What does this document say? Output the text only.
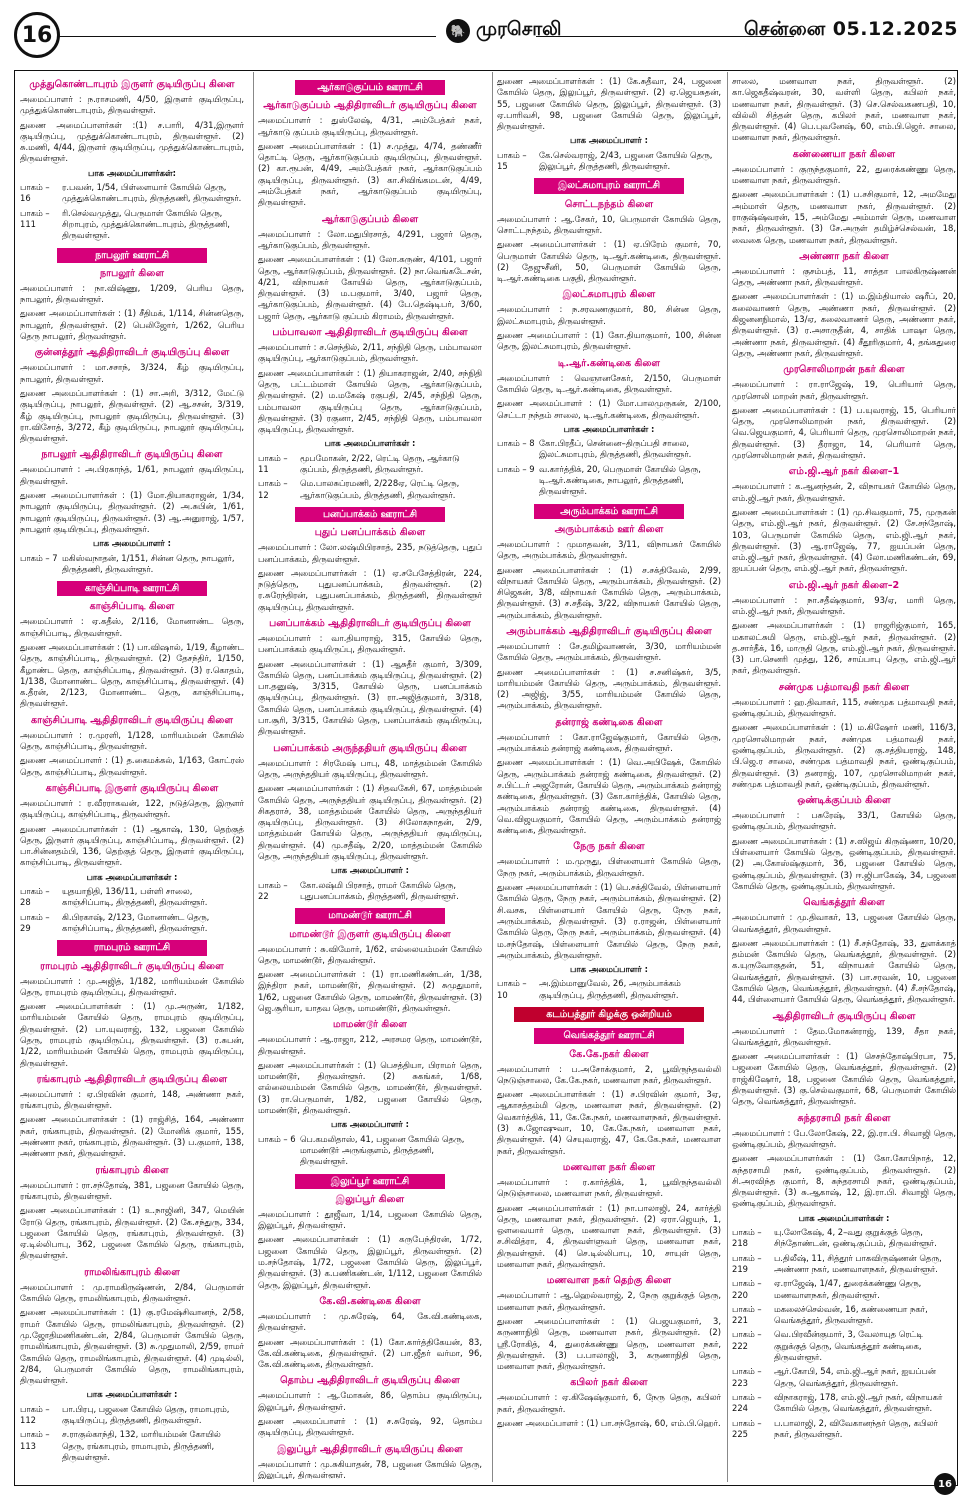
16	🐘 முரசொலி	சென்னை 05.12.2025
முத்துகொண்டாபுரம் இருளர் குடியிருப்பு கிளை

அமைப்பாளர் : ந.ராசமணி, 4/50, இருளர் குடியிருப்பு, முத்துக்கொண்டாபுரம், திருவள்ளூர்.

துணை அமைப்பாளர்கள் :(1) ச.பாரி, 4/31,இருளர் குடியிருப்பு, முத்துக்கொண்டாபுரம், திருவள்ளூர். (2) சு.மணி, 4/44, இருளர் குடியிருப்பு, முத்துக்கொண்டாபுரம், திருவள்ளூர்.

பாக அமைப்பாளர்கள்:
பாகம் – 16
ர.பவன், 1/54, பிள்ளையார் கோயில் தெரு, முத்துக்கொண்டாபுரம், திருத்தணி, திருவள்ளூர்.
பாகம் – 111
ரி.செல்வமுத்து, பெருமாள் கோயில் தெரு, சிறாபுரம், முத்துக்கொண்டாபுரம், திருத்தணி, திருவள்ளூர்.
நாபலூர் ஊராட்சி
நாபலூர் கிளை

அமைப்பாளர் : நா.விஷ்ணு, 1/209, பெரிய தெரு, நாபலூர், திருவள்ளூர்.

துணை அமைப்பாளர்கள் : (1) சீதிமக், 1/114, சின்னதெரு, நாபலூர், திருவள்ளூர். (2) பெலிஜோர், 1/262, பெரிய தெரு நாபலூர், திருவள்ளூர்.

குன்னத்தூர் ஆதிதிராவிடர் குடியிருப்பு கிளை

அமைப்பாளர் : மா.சசாந், 3/324, கீழ் குடியிருப்பு, நாபலூர், திருவள்ளூர்.

துணை அமைப்பாளர்கள் : (1) சா.அரி, 3/312, மேட்டு குடியிருப்பு, நாபலூர், திருவள்ளூர். (2) ஆ.சசன், 3/319, கீழ் குடியிருப்பு, நாபலூர் குடியிருப்பு, திருவள்ளூர். (3) ரா.விசோத், 3/272, கீழ் குடியிருப்பு, நாபலூர் குடியிருப்பு, திருவள்ளூர்.

நாபலூர் ஆதிதிராவிடர் குடியிருப்பு கிளை

அமைப்பாளர் : அ.பிரகாந்த், 1/61, நாபலூர் குடியிருப்பு, திருவள்ளூர்.

துணை அமைப்பாளர்கள் : (1) மோ.தியாகராஜன், 1/34, நாபலூர் குடியிருப்பு, திருவள்ளூர். (2) அ.சுபின், 1/61, நாபலூர் குடியிருப்பு, திருவள்ளூர். (3) ஆ.அனுராஜ், 1/57, நாபலூர் குடியிருப்பு, திருவள்ளூர்.

பாக அமைப்பாளர் :
பாகம் – 7 மகிஸ்வநாதன், 1/151, சின்ன தெரு, நாபலூர், திருத்தணி, திருவள்ளூர்.
காஞ்சிப்பாடி ஊராட்சி
காஞ்சிப்பாடி கிளை

அமைப்பாளர் : ஏ.கதீஸ், 2/116, மோனாண்ட தெரு, காஞ்சிப்பாடி, திருவள்ளூர்.

துணை அமைப்பாளர்கள் : (1) பா.விஷால், 1/19, கீழாண்ட தெரு, காஞ்சிப்பாடி, திருவள்ளூர். (2) தேசந்திர், 1/150, கீழாண்ட தெரு, காஞ்சிப்பாடி, திருவள்ளூர். (3) ர.கொதம், 1/138, மோனாண்ட தெரு, காஞ்சிப்பாடி, திருவள்ளூர். (4) க.தீரன், 2/123, மோனாண்ட தெரு, காஞ்சிப்பாடி, திருவள்ளூர்.

காஞ்சிப்பாடி ஆதிதிராவிடர் குடியிருப்பு கிளை

அமைப்பாளர் : ர.முரளி, 1/128, மாரியம்மன் கோயில் தெரு, காஞ்சிப்பாடி, திருவள்ளூர்.

துணை அமைப்பாளர் : (1) த.கைமக்கல், 1/163, கோட்ரஸ் தெரு, காஞ்சிப்பாடி, திருவள்ளூர்.

காஞ்சிப்பாடி இருளர் குடியிருப்பு கிளை

அமைப்பாளர் : ர.வீரராகவன், 122, நடுத்தெரு, இருளர் குடியிருப்பு, காஞ்சிப்பாடி, திருவள்ளூர்.

துணை அமைப்பாளர்கள் : (1) ஆகாஷ், 130, தெற்குத் தெரு, இருளர் குடியிருப்பு, காஞ்சிப்பாடி, திருவள்ளூர். (2) பா.சின்னதம்பி, 136, தெற்குத் தெரு, இருளர் குடியிருப்பு, காஞ்சிப்பாடி, திருவள்ளூர்.

பாக அமைப்பாளர்கள் :
பாகம் – 28
யுதயாநிதி, 136/11, பள்ளி சாலை, காஞ்சிப்பாடி, திருத்தணி, திருவள்ளூர்.
பாகம் – 29
கி.பிரகாஷ், 2/123, மோனாண்ட தெரு, காஞ்சிப்பாடி, திருத்தணி, திருவள்ளூர்.
ராமபுரம் ஊராட்சி
ராமபுரம் ஆதிதிராவிடர் குடியிருப்பு கிளை

அமைப்பாளர் : மு.அஜித், 1/182, மாரியம்மன் கோயில் தெரு, ராமபுரம் குடியிருப்பு, திருவள்ளூர்.

துணை அமைப்பாளர்கள் : (1) மு.அருண், 1/182, மாரியம்மன் கோயில் தெரு, ராமபுரம் குடியிருப்பு, திருவள்ளூர். (2) பா.யுவராஜ், 132, பஜனை கோயில் தெரு, ராமபுரம் குடியிருப்பு, திருவள்ளூர். (3) ர.சுபன், 1/22, மாரியம்மன் கோயில் தெரு, ராமபுரம் குடியிருப்பு, திருவள்ளூர்.

ரங்காபுரம் ஆதிதிராவிடர் குடியிருப்பு கிளை

அமைப்பாளர் : ஏ.பிரவின் குமார், 148, அண்ணா நகர், ரங்காபுரம், திருவள்ளூர்.

துணை அமைப்பாளர்கள் : (1) ராஜ்சித், 164, அண்ணா நகர், ரங்காபுரம், திருவள்ளூர். (2) மோனிக் குமார், 155, அண்ணா நகர், ரங்காபுரம், திருவள்ளூர். (3) ப.குமார், 138, அண்ணா நகர், திருவள்ளூர்.

ரங்காபுரம் கிளை

அமைப்பாளர் : ரா.சந்தோஷ், 381, பஜனை கோயில் தெரு, ரங்காபுரம், திருவள்ளூர்.

துணை அமைப்பாளர்கள் : (1) உ.நாஜினி, 347, மெயின் ரோடு தெரு, ரங்காபுரம், திருவள்ளூர். (2) கே.சந்துரு, 334, பஜனை கோயில் தெரு, ரங்காபுரம், திருவள்ளூர். (3) ஏ.டில்லிபாபு, 362, பஜனை கோயில் தெரு, ரங்காபுரம், திருவள்ளூர்.

ராமலிங்காபுரம் கிளை

அமைப்பாளர் : மு.ராமகிருஷ்ணன், 2/84, பெருமாள் கோயில் தெரு, ராமலிங்காபுரம், திருவள்ளூர்.

துணை அமைப்பாளர்கள் : (1) கு.ரமேஷ்சிவானந், 2/58, ராமர் கோயில் தெரு, ராமலிங்காபுரம், திருவள்ளூர். (2) மு.ஜோதிமணிகண்டன், 2/84, பெருமாள் கோயில் தெரு, ராமலிங்காபுரம், திருவள்ளூர். (3) சு.முதுமாலி, 2/59, ராமர் கோயில் தெரு, ராமலிங்காபுரம், திருவள்ளூர். (4) முடில்லி, 2/84, பெருமாள் கோயில் தெரு, ராமலிங்காபுரம், திருவள்ளூர்.

பாக அமைப்பாளர்கள் :
பாகம் – 112
பா.பிரபு, பஜனை கோயில் தெரு, ராமாபுரம், குடியிருப்பு, திருத்தணி, திருவள்ளூர்.
பாகம் – 113
ச.ராகுல்காந்தி, 132, மாரியம்மன் கோயில் தெரு, ரங்காபுரம், ராமாபுரம், திருத்தணி, திருவள்ளூர்.
ஆர்காடுகுப்பம் ஊராட்சி
ஆர்காடுகுப்பம் ஆதிதிராவிடர் குடியிருப்பு கிளை

அமைப்பாளர் : துஸ்லேஷ், 4/31, அம்பேத்கர் நகர், ஆர்காடு குப்பம் குடியிருப்பு, திருவள்ளூர்.

துணை அமைப்பாளர்கள் : (1) ச.முத்து, 4/74, தண்ணீர் தொட்டி தெரு, ஆர்காடுகுப்பம் குடியிருப்பு, திருவள்ளூர். (2) கா.ரூபன், 4/49, அம்பேத்கர் நகர், ஆர்காடுகுப்பம் குடியிருப்பு, திருவள்ளூர். (3) கா.சிவிங்கமடன், 4/49, அம்பேத்கர் நகர், ஆர்காடுகுப்பம் குடியிருப்பு, திருவள்ளூர்.

ஆர்காடுகுப்பம் கிளை

அமைப்பாளர் : லோ.மதுபிரசாத், 4/291, பஜார் தெரு, ஆர்காடுகுப்பம், திருவள்ளூர்.

துணை அமைப்பாளர்கள் : (1) லோ.கருண், 4/101, பஜார் தெரு, ஆர்காடுகுப்பம், திருவள்ளூர். (2) நா.வெங்கடேசன், 4/21, விநாயகர் கோயில் தெரு, ஆர்காடுகுப்பம், திருவள்ளூர். (3) ம.பகுமார், 3/40, பஜார் தெரு, ஆர்காடுகுப்பம், திருவள்ளூர். (4) பே.தெஷ்டிபர், 3/60, பஜார் தெரு, ஆர்காடு குப்பம் கிராமம், திருவள்ளூர்.

பம்பாவலா ஆதிதிராவிடர் குடியிருப்பு கிளை

அமைப்பாளர் : ச.செந்தில், 2/11, சந்நிதி தெரு, பம்பாவலா குடியிருப்பு, ஆர்காடுகுப்பம், திருவள்ளூர்.

துணை அமைப்பாளர்கள் : (1) தியாகராஜன், 2/40, சந்நிதி தெரு, பட்டம்மாள் கோயில் தெரு, ஆர்காடுகுப்பம், திருவள்ளூர். (2) ம.மகேஷ் ரகுபதி, 2/45, சந்நிதி தெரு, பம்பாவலா குடியிருப்பு தெரு, ஆர்காடுகுப்பம், திருவள்ளூர். (3) ரகுனா, 2/45, சந்நிதி தெரு, பம்பாவலா குடியிருப்பு, திருவள்ளூர்.

பாக அமைப்பாளர்கள் :
பாகம் – 11
மூபமோகன், 2/22, ரெட்டி தெரு, ஆர்காடு குப்பம், திருத்தணி, திருவள்ளூர்.
பாகம் – 12
மெ.பாலசுப்ரமணி, 2/228ஏ, ரெட்டி தெரு, ஆர்காடுகுப்பம், திருத்தணி, திருவள்ளூர்.
பனப்பாக்கம் ஊராட்சி
புதுப் பனப்பாக்கம் கிளை

அமைப்பாளர் : லோ.லஷ்மிபிரசாத், 235, நடுத்தெரு, புதுப் பனப்பாக்கம், திருவள்ளூர்.

துணை அமைப்பாளர்கள் : (1) ஏ.சபேசேத்திரன், 224, நடுத்தெரு, புதுபனப்பாக்கம், திருவள்ளூர். (2) ர.சுரேந்திரன், புதுபனப்பாக்கம், திருத்தணி, திருவள்ளூர் குடியிருப்பு, திருவள்ளூர்.

பனப்பாக்கம் ஆதிதிராவிடர் குடியிருப்பு கிளை

அமைப்பாளர் : வா.தியாராஜ், 315, கோயில் தெரு, பனப்பாக்கம் குடியிருப்பு, திருவள்ளூர்.

துணை அமைப்பாளர்கள் : (1) ஆசுதீர் குமார், 3/309, கோயில் தெரு, பனப்பாக்கம் குடியிருப்பு, திருவள்ளூர். (2) பா.தனுஷ், 3/315, கோயில் தெரு, பனப்பாக்கம் குடியிருப்பு, திருவள்ளூர். (3) ரா.அஜித்குமார், 3/318, கோயில் தெரு, பனப்பாக்கம் குடியிருப்பு, திருவள்ளூர். (4) பா.சூரி, 3/315, கோயில் தெரு, பனப்பாக்கம் குடியிருப்பு, திருவள்ளூர்.

பனப்பாக்கம் அருந்ததியர் குடியிருப்பு கிளை

அமைப்பாளர் : சிரமேஷ் பாபு, 48, மாத்தம்மன் கோயில் தெரு, அருந்ததியர் குடியிருப்பு, திருவள்ளூர்.

துணை அமைப்பாளர்கள் : (1) சிதவகேசி, 67, மாத்தம்மன் கோயில் தெரு, அருந்ததியர் குடியிருப்பு, திருவள்ளூர். (2) சிகதராச், 38, மாத்தம்மன் கோயில் தெரு, அருந்ததியர் குடியிருப்பு, திருவள்ளூர். (3) சிலோகநாதன், 2/9, மாத்தம்மன் கோயில் தெரு, அருந்ததியர் குடியிருப்பு, திருவள்ளூர். (4) மு.சதீஷ், 2/20, மாத்தம்மன் கோயில் தெரு, அருந்ததியர் குடியிருப்பு, திருவள்ளூர்.

பாக அமைப்பாளர் :
பாகம் – 22
கோ.லஷ்மி பிரசாத், ராமர் கோயில் தெரு, புதுபனப்பாக்கம், திருத்தணி, திருவள்ளூர்.
மாமண்டூர் ஊராட்சி
மாமண்டூர் இருளர் குடியிருப்பு கிளை

அமைப்பாளர் : சு.விமோர், 1/62, எல்லையம்மன் கோயில் தெரு, மாமண்டூர், திருவள்ளூர்.

துணை அமைப்பாளர்கள் : (1) ரா.மணிகண்டன், 1/38, இந்திரா நகர், மாமண்டூர், திருவள்ளூர். (2) சுமுதுமார், 1/62, பஜனை கோயில் தெரு, மாமண்டூர், திருவள்ளூர். (3) ஜெ.சூரியா, யாதவ தெரு, மாமண்டூர், திருவள்ளூர்.

மாமண்டூர் கிளை

அமைப்பாளர் : ஆ.ராஜா, 212, அரசமர தெரு, மாமண்டூர், திருவள்ளூர்.

துணை அமைப்பாளர்கள் : (1) பெசத்தியா, பிராமர் தெரு, மாமண்டூர், திருவள்ளூர். (2) சுகங்கர், 1/68, எல்லையம்மன் கோயில் தெரு, மாமண்டூர், திருவள்ளூர். (3) ரா.பெருமாள், 1/82, பஜனை கோயில் தெரு, மாமண்டூர், திருவள்ளூர்.

பாக அமைப்பாளர் :
பாகம் – 6 பெ.கமலிதாஸ், 41, பஜனை கோயில் தெரு, மாமண்டூர் அருங்குளம், திருத்தணி, திருவள்ளூர்.
இலுப்பூர் ஊராட்சி
இலுப்பூர் கிளை

அமைப்பாளர் : தூஜீவா, 1/14, பஜனை கோயில் தெரு, இலுப்பூர், திருவள்ளூர்.

துணை அமைப்பாளர்கள் : (1) கருபேந்திரன், 1/72, பஜனை கோயில் தெரு, இலுப்பூர், திருவள்ளூர். (2) ம.சந்தோஷ், 1/72, பஜனை கோயில் தெரு, இலுப்பூர், திருவள்ளூர். (3) க.பணிகண்டன், 1/112, பஜனை கோயில் தெரு, இலுப்பூர், திருவள்ளூர்.

கே.வி.கண்டிகை கிளை

அமைப்பாளர் : மு.சுரேஷ், 64, கே.வி.கண்டிகை, திருவள்ளூர்.

துணை அமைப்பாளர்கள் : (1) கோ.கார்த்திகேயன், 83, கே.வி.கண்டிகை, திருவள்ளூர். (2) பா.ஜீதர் வர்மா, 96, கே.வி.கண்டிகை, திருவள்ளூர்.

தொம்ப ஆதிதிராவிடர் குடியிருப்பு கிளை

அமைப்பாளர் : ஆ.மோகன், 86, தொம்ப குடியிருப்பு, இலுப்பூர், திருவள்ளூர்.

துணை அமைப்பாளர் : (1) ச.சுரேஷ், 92, தொம்ப குடியிருப்பு, திருவள்ளூர்.

இலுப்பூர் ஆதிதிராவிடர் குடியிருப்பு கிளை

அமைப்பாளர் : மு.சுகியாதன், 78, பஜனை கோயில் தெரு, இலுப்பூர், திருவள்ளூர்.

துணை அமைப்பாளர்கள் : (1) கே.சுதீவா, 24, பஜனை கோயில் தெரு, இலுப்பூர், திருவள்ளூர். (2) ஏ.ஜெயசுதன், 55, பஜனை கோயில் தெரு, இலுப்பூர், திருவள்ளூர். (3) ஏ.பாரிவசி, 98, பஜனை கோயில் தெரு, இலுப்பூர், திருவள்ளூர்.

பாக அமைப்பாளர் :
பாகம் – 15
கே.செல்வராஜ், 2/43, பஜனை கோயில் தெரு, இலுப்பூர், திருத்தணி, திருவள்ளூர்.
இலட்சுமாபுரம் ஊராட்சி
சொட்டநந்தம் கிளை

அமைப்பாளர் : ஆ.சேகர், 10, பெருமாள் கோயில் தெரு, சொட்டநந்தம், திருவள்ளூர்.

துணை அமைப்பாளர்கள் : (1) ஏ.பிரேம் குமார், 70, பெருமாள் கோயில் தெரு, டி.ஆர்.கண்டிகை, திருவள்ளூர். (2) தேஜுசீனி, 50, பெருமாள் கோயில் தெரு, டி.ஆர்.கண்டிகை பகுதி, திருவள்ளூர்.

இலட்சுமாபுரம் கிளை

அமைப்பாளர் : ந.சரவணகுமார், 80, சின்ன தெரு, இலட்சுமாபுரம், திருவள்ளூர்.

துணை அமைப்பாளர் : (1) கோ.தியாகுமார், 100, சின்ன தெரு, இலட்சுமாபுரம், திருவள்ளூர்.

டி.ஆர்.கண்டிகை கிளை

அமைப்பாளர் : வெஞானசேகர், 2/150, பெருமாள் கோயில் தெரு, டி.ஆர்.கண்டிகை, திருவள்ளூர்.

துணை அமைப்பாளர் : (1) மோ.பாலமுருகன், 2/100, செட்டா நந்தம் சாலை, டி.ஆர்.கண்டிகை, திருவள்ளூர்.

பாக அமைப்பாளர்கள் :
பாகம் – 8 கோ.பிரதீப், சென்னை–திருப்பதி சாலை, இலட்சுமாபுரம், திருத்தணி, திருவள்ளூர்.
பாகம் – 9 வ.கார்த்திக், 20, பெருமாள் கோயில் தெரு, டி.ஆர்.கண்டிகை, நாபலூர், திருத்தணி, திருவள்ளூர்.
அரும்பாக்கம் ஊராட்சி
அரும்பாக்கம் ஊர் கிளை

அமைப்பாளர் : முமாதவன், 3/11, விநாயகர் கோயில் தெரு, அரும்பாக்கம், திருவள்ளூர்.

துணை அமைப்பாளர்கள் : (1) ச.சக்திவேல், 2/99, விநாயகர் கோயில் தெரு, அரும்பாக்கம், திருவள்ளூர். (2) சிஜெகன், 3/8, விநாயகர் கோயில் தெரு, அரும்பாக்கம், திருவள்ளூர். (3) ச.சதீஷ், 3/22, விநாயகர் கோயில் தெரு, அரும்பாக்கம், திருவள்ளூர்.

அரும்பாக்கம் ஆதிதிராவிடர் குடியிருப்பு கிளை

அமைப்பாளர் : சே.தமிழ்வாணன், 3/30, மாரியம்மன் கோயில் தெரு, அரும்பாக்கம், திருவள்ளூர்.

துணை அமைப்பாளர்கள் : (1) ச.சனிஷ்கர், 3/5, மாரியம்மன் கோயில் தெரு, அரும்பாக்கம், திருவள்ளூர். (2) அஜிஜ், 3/55, மாரியம்மன் கோயில் தெரு, அரும்பாக்கம், திருவள்ளூர்.

தன்ராஜ் கண்டிகை கிளை

அமைப்பாளர் : கோ.ராஜேஷ்குமார், கோயில் தெரு, அரும்பாக்கம் தன்ராஜ் கண்டிகை, திருவள்ளூர்.

துணை அமைப்பாளர்கள் : (1) வெ.அபிஷேக், கோயில் தெரு, அரும்பாக்கம் தன்ராஜ் கண்டிகை, திருவள்ளூர். (2) ச.பிட்டர் அஜரோன், கோயில் தெரு, அரும்பாக்கம் தன்ராஜ் கண்டிகை, திருவள்ளூர். (3) கோ.கார்த்திக், கோயில் தெரு, அரும்பாக்கம் தன்ராஜ் கண்டிகை, திருவள்ளூர். (4) வெ.விஜயகுமார், கோயில் தெரு, அரும்பாக்கம் தன்ராஜ் கண்டிகை, திருவள்ளூர்.

நேரு நகர் கிளை

அமைப்பாளர் : ம.முருது, பிள்ளையார் கோயில் தெரு, நேரு நகர், அரும்பாக்கம், திருவள்ளூர்.

துணை அமைப்பாளர்கள் : (1) பெ.சக்திவேல், பிள்ளையார் கோயில் தெரு, நேரு நகர், அரும்பாக்கம், திருவள்ளூர். (2) சி.வசக, பிள்ளையார் கோயில் தெரு, நேரு நகர், அரும்பாக்கம், திருவள்ளூர். (3) ர.ராஜன், பிள்ளையார் கோயில் தெரு, நேரு நகர், அரும்பாக்கம், திருவள்ளூர். (4) ம.சந்தோஷ், பிள்ளையார் கோயில் தெரு, நேரு நகர், அரும்பாக்கம், திருவள்ளூர்.

பாக அமைப்பாளர் :
பாகம் – 10
அ.இம்மானுவேல், 26, அரும்பாக்கம் குடியிருப்பு, திருத்தணி, திருவள்ளூர்.
கடம்பத்தூர் கிழக்கு ஒன்றியம்
வெங்கத்தூர் ஊராட்சி
கே.கே.நகர் கிளை

அமைப்பாளர் : ப.அசோக்குமார், 2, பூவிருந்தவல்லி நெடுஞ்சாலை, கே.கே.நகர், மணவாள நகர், திருவள்ளூர்.

துணை அமைப்பாளர்கள் : (1) ச.பிரவின் குமார், 3ஏ, ஆகாசத்தம்மி தெரு, மணவாள நகர், திருவள்ளூர். (2) வெகார்த்திக், 11, கே.கே.நகர், மணவாளநகர், திருவள்ளூர். (3) சு.ஜோஷுவா, 10, கே.கே.நகர், மணவாள நகர், திருவள்ளூர். (4) செயுவராஜ், 47, கே.கே.நகர், மணவாள நகர், திருவள்ளூர்.

மணவாள நகர் கிளை

அமைப்பாளர் : ர.கார்த்திக், 1, பூவிருந்தவல்லி நெடுஞ்சாலை, மணவாள நகர், திருவள்ளூர்.

துணை அமைப்பாளர்கள் : (1) நா.பாலாஜி, 24, கார்த்தி தெரு, மணவாள நகர், திருவள்ளூர். (2) ஏரா.ஜெயந், 1, ஒளவையார் தெரு, மணவாள நகர், திருவள்ளூர். (3) ச.சிவித்ரா, 4, திருவள்ளுவர் தெரு, மணவாள நகர், திருவள்ளூர். (4) செ.டில்லிபாபு, 10, சாயுள் தெரு, மணவாள நகர், திருவள்ளூர்.

மணவாள நகர் தெற்கு கிளை

அமைப்பாளர் : ஆ.ஹெல்வராஜ், 2, நேரு குறுக்குத் தெரு, மணவாள நகர், திருவள்ளூர்.

துணை அமைப்பாளர்கள் : (1) பெஜயகுமார், 3, கருணாநிதி தெரு, மணவாள நகர், திருவள்ளூர். (2) ஸ்ரீ.ரோகித், 4, துரைக்கண்ணு தெரு, மணவாள நகர், திருவள்ளூர். (3) ப.பாலாஜி, 3, கருணாநிதி தெரு, மணவாள நகர், திருவள்ளூர்.

கபிலர் நகர் கிளை

அமைப்பாளர் : ஏ.கிஷேஷ்குமார், 6, நேரு தெரு, கபிலர் நகர், திருவள்ளூர்.

துணை அமைப்பாளர் : (1) பா.சந்தோஷ், 60, எம்.பி.ஹெர்.

சாலை, மணவாள நகர், திருவள்ளூர். (2) கா.ஜெகதீஷ்வரன், 30, வள்ளி தெரு, கபிலர் நகர், மணவாள நகர், திருவள்ளூர். (3) செ.செல்வகணபதி, 10, வில்லி சித்தன் தெரு, கபிலர் நகர், மணவாள நகர், திருவள்ளூர். (4) பெ.புவனேஷ், 60, எம்.பி.ஜெர். சாலை, மணவாள நகர், திருவள்ளூர்.

கண்ணையா நகர் கிளை

அமைப்பாளர் : குருந்தகுமார், 22, துரைக்கண்ணு தெரு, மணவாள நகர், திருவள்ளூர்.

துணை அமைப்பாளர்கள் : (1) ப.சசிகுமார், 12, அமமேது அம்மாள் தெரு, மணவாள நகர், திருவள்ளூர். (2) ராகுஷ்ஷ்வரன், 15, அம்மேது அம்மாள் தெரு, மணவாள நகர், திருவள்ளூர். (3) சே.அருள் தமிழ்ச்செல்வன், 18, வைகை தெரு, மணவாள நகர், திருவள்ளூர்.

அண்ணா நகர் கிளை

அமைப்பாளர் : குசம்பத், 11, சாத்தா பாலகிருஷ்ணன் தெரு, அண்ணா நகர், திருவள்ளூர்.

துணை அமைப்பாளர்கள் : (1) ம.இம்தியாஸ் ஷரீப், 20, கலைவாணர் தெரு, அண்ணா நகர், திருவள்ளூர். (2) கிஜனனநிமால், 13/ஏ, கலைவாணர் தெரு, அண்ணா நகர், திருவள்ளூர். (3) ர.அசாருதீன், 4, சாதிக் பாஷா தெரு, அண்ணா நகர், திருவள்ளூர். (4) சீதூரிகுமார், 4, தங்கதுரை தெரு, அண்ணா நகர், திருவள்ளூர்.

முரசொலிமாறன் நகர் கிளை

அமைப்பாளர் : ரா.ராஜேஷ், 19, பெரியார் தெரு, முரசொலி மாறன் நகர், திருவள்ளூர்.

துணை அமைப்பாளர்கள் : (1) ப.யுவராஜ், 15, பெரியார் தெரு, முரசொலிமாறன் நகர், திருவள்ளூர். (2) வெ.ஜெயகுமார், 4, பெரியார் தெரு, முரசொலிமாறன் நகர், திருவள்ளூர். (3) தீராஜா, 14, பெரியார் தெரு, முரசொலிமாறன் நகர், திருவள்ளூர்.

எம்.ஜி.ஆர் நகர் கிளை–1

அமைப்பாளர் : க.ஆனந்தன், 2, விநாயகர் கோயில் தெரு, எம்.ஜி.ஆர் நகர், திருவள்ளூர்.

துணை அமைப்பாளர்கள் : (1) மு.சிவகுமார், 75, முருகன் தெரு, எம்.ஜி.ஆர் நகர், திருவள்ளூர். (2) சே.சந்தோஷ், 103, பெருமாள் கோயில் தெரு, எம்.ஜி.ஆர் நகர், திருவள்ளூர். (3) ஆ.ராஜேஷ், 77, ஐயப்பன் தெரு, எம்.ஜி.ஆர் நகர், திருவள்ளூர். (4) லோ.மணிகண்டன், 69, ஐயப்பன் தெரு, எம்.ஜி.ஆர் நகர், திருவள்ளூர்.

எம்.ஜி.ஆர் நகர் கிளை–2

அமைப்பாளர் : நா.சதீஷ்குமார், 93/ஏ, மாரி தெரு, எம்.ஜி.ஆர் நகர், திருவள்ளூர்.

துணை அமைப்பாளர்கள் : (1) ராஜரிஜ்குமார், 165, மகாலட்சுமி தெரு, எம்.ஜி.ஆர் நகர், திருவள்ளூர். (2) த.சார்தீக், 16, மாருதி தெரு, எம்.ஜி.ஆர் நகர், திருவள்ளூர். (3) பா.செனரி முத்து, 126, சாய்பாபு தெரு, எம்.ஜி.ஆர் நகர், திருவள்ளூர்.

சண்முக பத்மாவதி நகர் கிளை

அமைப்பாளர் : ஹ.திவாகர், 115, சண்முக பத்மாவதி நகர், ஒண்டிகுப்பம், திருவள்ளூர்.

துணை அமைப்பாளர்கள் : (1) ம.கிஷோர் மணி, 116/3, முரசொலிமாறன் நகர், சண்முக பத்மாவதி நகர், ஒண்டிகுப்பம், திருவள்ளூர். (2) கு.சத்தியராஜ், 148, பி.ஜெ.ர சாலை, சண்முக பத்மாவதி நகர், ஒண்டிகுப்பம், திருவள்ளூர். (3) தனராஜ், 107, முரசொலிமாறன் நகர், சண்முக பத்மாவதி நகர், ஒண்டிகுப்பம், திருவள்ளூர்.

ஒண்டிக்குப்பம் கிளை

அமைப்பாளர் : பசுரேஷ், 33/1, கோயில் தெரு, ஒண்டிகுப்பம், திருவள்ளூர்.

துணை அமைப்பாளர்கள் : (1) ச.ஸிஜய் கிருஷ்ணா, 10/20, பிள்ளையார் கோயில் தெரு, ஒண்டிகுப்பம், திருவள்ளூர். (2) அ.கோஸ்ஷ்குமார், 36, பஜனை கோயில் தெரு, ஒண்டிகுப்பம், திருவள்ளூர். (3) ஈ.ஜிபாகேஷ், 34, பஜனை கோயில் தெரு, ஒண்டிகுப்பம், திருவள்ளூர்.

வெங்கத்தூர் கிளை

அமைப்பாளர் : மு.திவாகர், 13, பஜனை கோயில் தெரு, வெங்கத்தூர், திருவள்ளூர்.

துணை அமைப்பாளர்கள் : (1) சீ.சந்தோஷ், 33, துளக்காத் தம்மன் கோயில் தெரு, வெங்கத்தூர், திருவள்ளூர். (2) க.யுருவோகுதன், 51, விநாயகர் கோயில் தெரு, வெங்கத்தூர், திருவள்ளூர். (3) பா.சரவன், 10, பஜனை கோயில் தெரு, வெங்கத்தூர், திருவள்ளூர். (4) சீ.சந்தோஷ், 44, பிள்ளையார் கோயில் தெரு, வெங்கத்தூர், திருவள்ளூர்.

ஆதிதிராவிடர் குடியிருப்பு கிளை

அமைப்பாளர் : தேம.மோகன்ராஜ், 139, சீதா நகர், வெங்கத்தூர், திருவள்ளூர்.

துணை அமைப்பாளர்கள் : (1) செசந்தோஷ்பிரபா, 75, பஜனை கோயில் தெரு, வெங்கத்தூர், திருவள்ளூர். (2) ராஜ்கிஷோர், 18, பஜனை கோயில் தெரு, வெங்கத்தூர், திருவள்ளூர். (3) கு.செல்வகுமார், 68, பெருமாள் கோயில் தெரு, வெங்கத்தூர், திருவள்ளூர்.

சுந்தரசாமி நகர் கிளை

அமைப்பாளர் : பே.லோகேஷ், 22, இ.ரா.பி. சிவாஜி தெரு, ஒண்டிகுப்பம், திருவள்ளூர்.

துணை அமைப்பாளர்கள் : (1) கோ.கோபிநாத், 12, சுந்தரசாமி நகர், ஒண்டிகுப்பம், திருவள்ளூர். (2) சி.அரவிந்த குமார், 8, சுந்தரசாமி நகர், ஒண்டிகுப்பம், திருவள்ளூர். (3) சு.ஆகாஷ், 12, இ.ரா.பி. சிவாஜி தெரு, ஒண்டிகுப்பம், திருவள்ளூர்.

பாக அமைப்பாளர்கள் :
பாகம் – 218
யு.லோகேஷ், 4, 2–வது குறுக்குத் தெரு, சிந்தோண்டன், ஒண்டிகுப்பம், திருவள்ளூர்.
பாகம் – 219
ப.திலீஷ், 11, சித்தூர் பாகவிருஷ்ணன் தெரு, அண்ணா நகர், மணவாளநகர், திருவள்ளூர்.
பாகம் – 220
ஏ.ராஜேஷ், 1/47, துரைக்கண்ணு தெரு, மணவாளநகர், திருவள்ளூர்.
பாகம் – 221
மகலைச்செல்வன், 16, கண்ணையா நகர், வெங்கத்தூர், திருவள்ளூர்.
பாகம் – 222
வெ.பிரவீன்குமார், 3, வேலாயுத ரெட்டி குறுக்குத் தெரு, வெங்கத்தூர் கண்டிகை, திருவள்ளூர்.
பாகம் – 223
ஆர்.கோபி, 54, எம்.ஜி.ஆர் நகர், ஐயப்பன் தெரு, வெங்கத்தூர், திருவள்ளூர்.
பாகம் – 224
விநாகராஜ், 178, எம்.ஜி.ஆர் நகர், விநாயகர் கோயில் தெரு, வெங்கத்தூர், திருவள்ளூர்.
பாகம் – 225
ப.பாலாஜி, 2, விவேகானந்தர் தெரு, கபிலர் நகர், திருவள்ளூர்.
16
